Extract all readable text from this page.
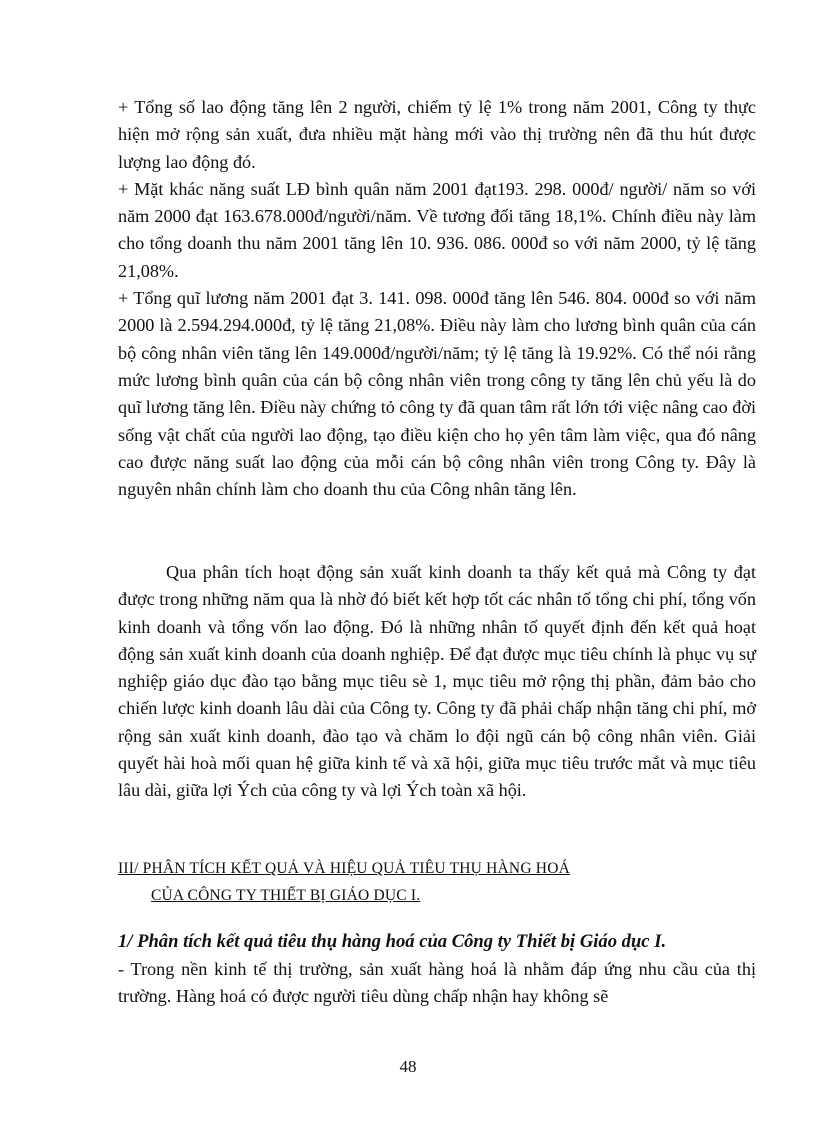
+ Tổng số lao động tăng lên 2 người, chiếm tỷ lệ 1% trong năm 2001, Công ty thực hiện mở rộng sản xuất, đưa nhiều mặt hàng mới vào thị trường nên đã thu hút được lượng lao động đó.

+ Mặt khác năng suất LĐ bình quân năm 2001 đạt193. 298. 000đ/ người/ năm so với năm 2000 đạt 163.678.000đ/người/năm. Về tương đối tăng 18,1%. Chính điều này làm cho tổng doanh thu năm 2001 tăng lên 10. 936. 086. 000đ so với năm 2000, tỷ lệ tăng 21,08%.

+ Tổng quĩ lương năm 2001 đạt 3. 141. 098. 000đ tăng lên 546. 804. 000đ so với năm 2000 là 2.594.294.000đ, tỷ lệ tăng 21,08%. Điều này làm cho lương bình quân của cán bộ công nhân viên tăng lên 149.000đ/người/năm; tỷ lệ tăng là 19.92%. Có thể nói rằng mức lương bình quân của cán bộ công nhân viên trong công ty tăng lên chủ yếu là do quĩ lương tăng lên. Điều này chứng tỏ công ty đã quan tâm rất lớn tới việc nâng cao đời sống vật chất của người lao động, tạo điều kiện cho họ yên tâm làm việc, qua đó nâng cao được năng suất lao động của mỗi cán bộ công nhân viên trong Công ty. Đây là nguyên nhân chính làm cho doanh thu của Công nhân tăng lên.

Qua phân tích hoạt động sản xuất kinh doanh ta thấy kết quả mà Công ty đạt được trong những năm qua là nhờ đó biết kết hợp tốt các nhân tố tổng chi phí, tổng vốn kinh doanh và tổng vốn lao động. Đó là những nhân tố quyết định đến kết quả hoạt động sản xuất kinh doanh của doanh nghiệp. Để đạt được mục tiêu chính là phục vụ sự nghiệp giáo dục đào tạo bằng mục tiêu sè 1, mục tiêu mở rộng thị phần, đảm bảo cho chiến lược kinh doanh lâu dài của Công ty. Công ty đã phải chấp nhận tăng chi phí, mở rộng sản xuất kinh doanh, đào tạo và chăm lo đội ngũ cán bộ công nhân viên. Giải quyết hài hoà mối quan hệ giữa kinh tế và xã hội, giữa mục tiêu trước mắt và mục tiêu lâu dài, giữa lợi Ých của công ty và lợi Ých toàn xã hội.

III/ PHÂN TÍCH KẾT QUẢ VÀ HIỆU QUẢ TIÊU THỤ HÀNG HOÁ
CỦA CÔNG TY THIẾT BỊ GIÁO DỤC I.
1/ Phân tích kết quả tiêu thụ hàng hoá của Công ty Thiết bị Giáo dục I.

- Trong nền kinh tế thị trường, sản xuất hàng hoá là nhằm đáp ứng nhu cầu của thị trường. Hàng hoá có được người tiêu dùng chấp nhận hay không sẽ

48
